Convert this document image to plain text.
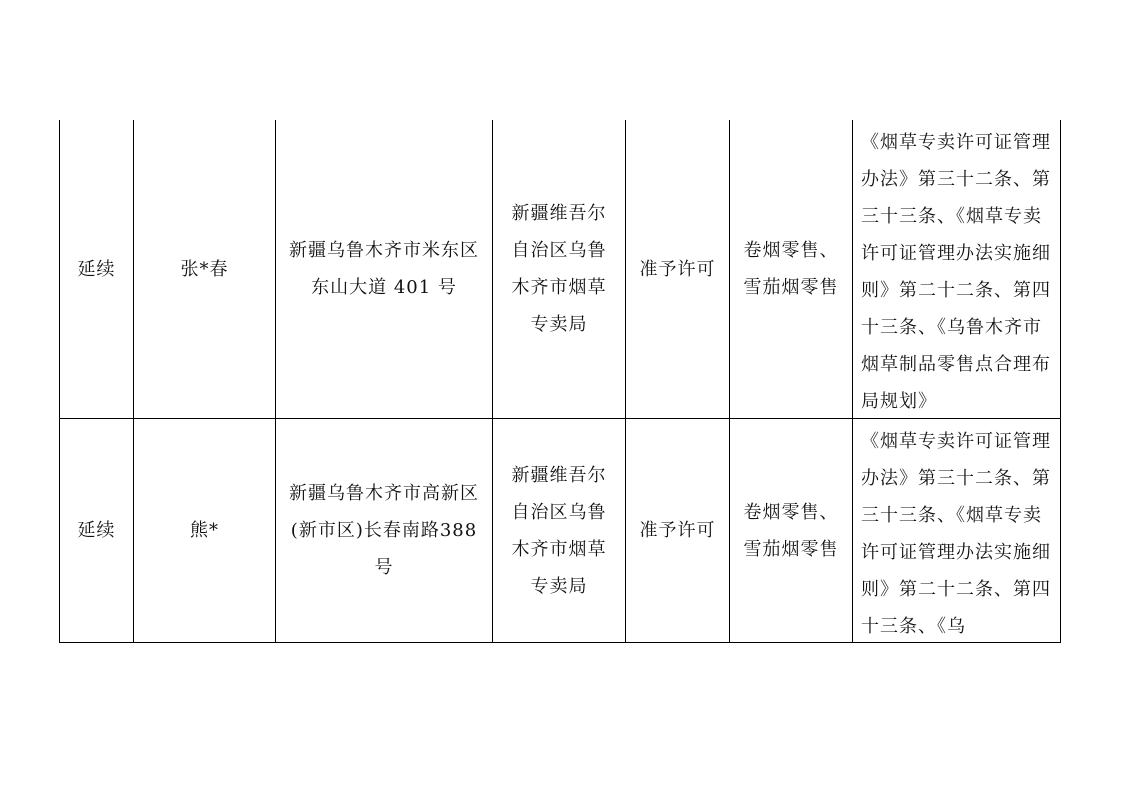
延续	张*春
新疆乌鲁木齐市米东区东山大道 401 号
新疆维吾尔自治区乌鲁木齐市烟草专卖局
准予许可
卷烟零售、雪茄烟零售
《烟草专卖许可证管理办法》第三十二条、第三十三条、《烟草专卖许可证管理办法实施细则》第二十二条、第四十三条、《乌鲁木齐市烟草制品零售点合理布局规划》
延续	熊*
新疆乌鲁木齐市高新区(新市区)长春南路388 号
新疆维吾尔自治区乌鲁木齐市烟草专卖局
准予许可
卷烟零售、雪茄烟零售
《烟草专卖许可证管理办法》第三十二条、第三十三条、《烟草专卖许可证管理办法实施细则》第二十二条、第四十三条、《乌
